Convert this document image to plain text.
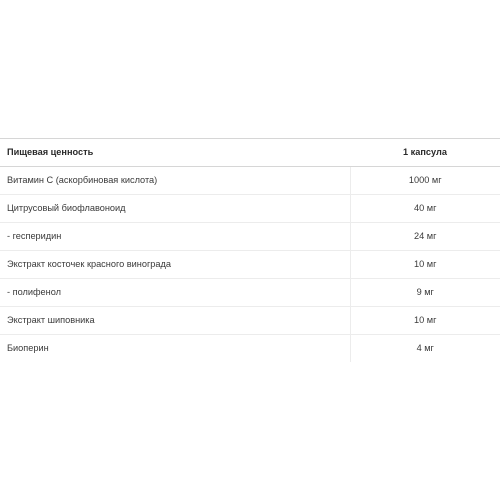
Пищевая ценность	1 капсула
Витамин С (аскорбиновая кислота)	1000 мг
Цитрусовый биофлавоноид	40 мг
- гесперидин	24 мг
Экстракт косточек красного винограда	10 мг
- полифенол	9 мг
Экстракт шиповника	10 мг
Биоперин	4 мг
